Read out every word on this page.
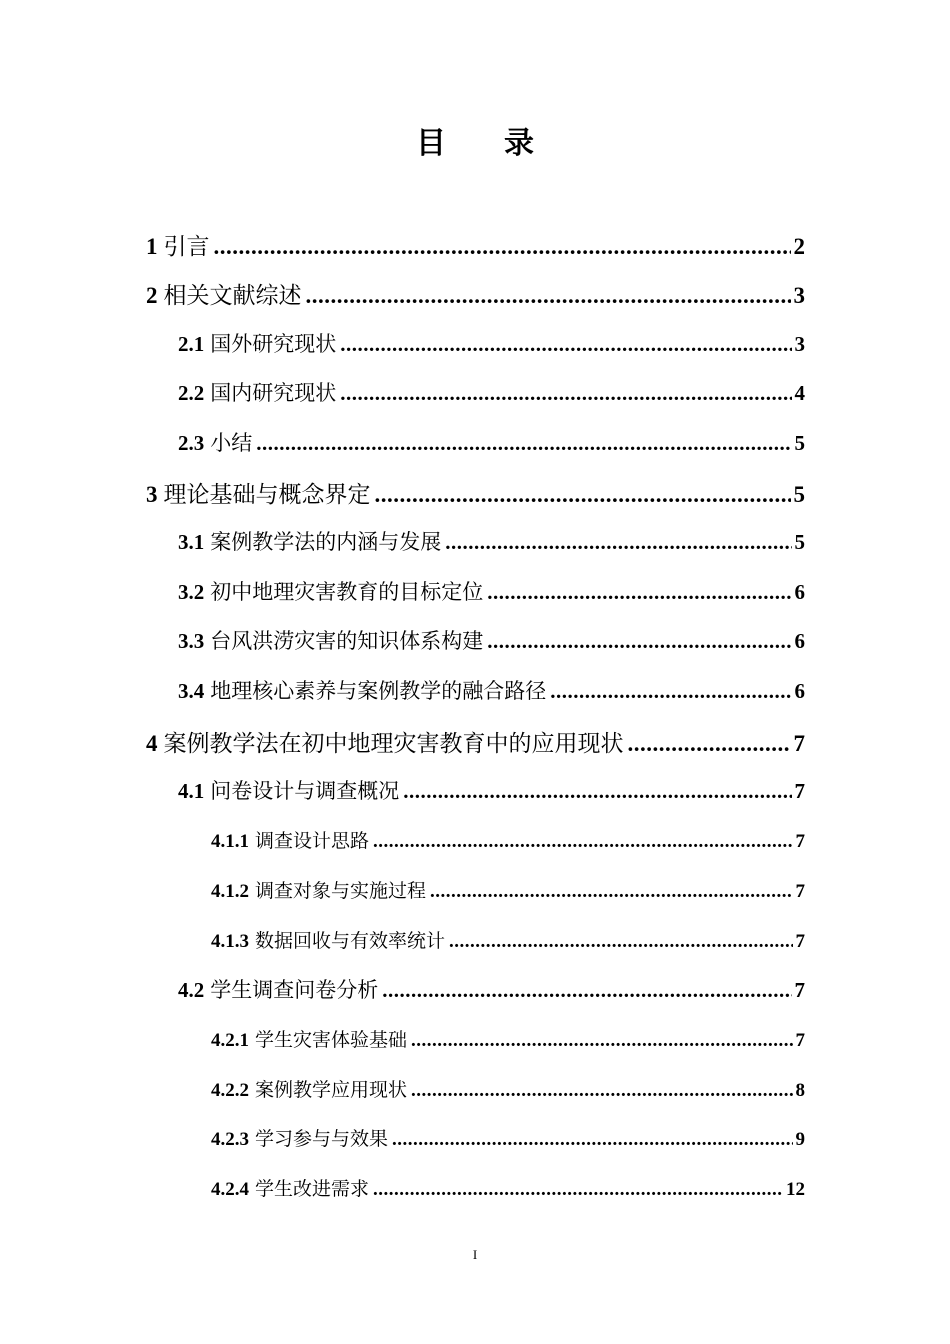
目 录
1 引言 .....	2
2 相关文献综述 .....	3
2.1 国外研究现状 .....	3
2.2 国内研究现状 .....	4
2.3 小结 .....	5
3 理论基础与概念界定 .....	5
3.1 案例教学法的内涵与发展 .....	5
3.2 初中地理灾害教育的目标定位 .....	6
3.3 台风洪涝灾害的知识体系构建 .....	6
3.4 地理核心素养与案例教学的融合路径 .....	6
4 案例教学法在初中地理灾害教育中的应用现状 .....	7
4.1 问卷设计与调查概况 .....	7
4.1.1 调查设计思路 .....	7
4.1.2 调查对象与实施过程 .....	7
4.1.3 数据回收与有效率统计 .....	7
4.2 学生调查问卷分析 .....	7
4.2.1 学生灾害体验基础 .....	7
4.2.2 案例教学应用现状 .....	8
4.2.3 学习参与与效果 .....	9
4.2.4 学生改进需求 .....	12
I
